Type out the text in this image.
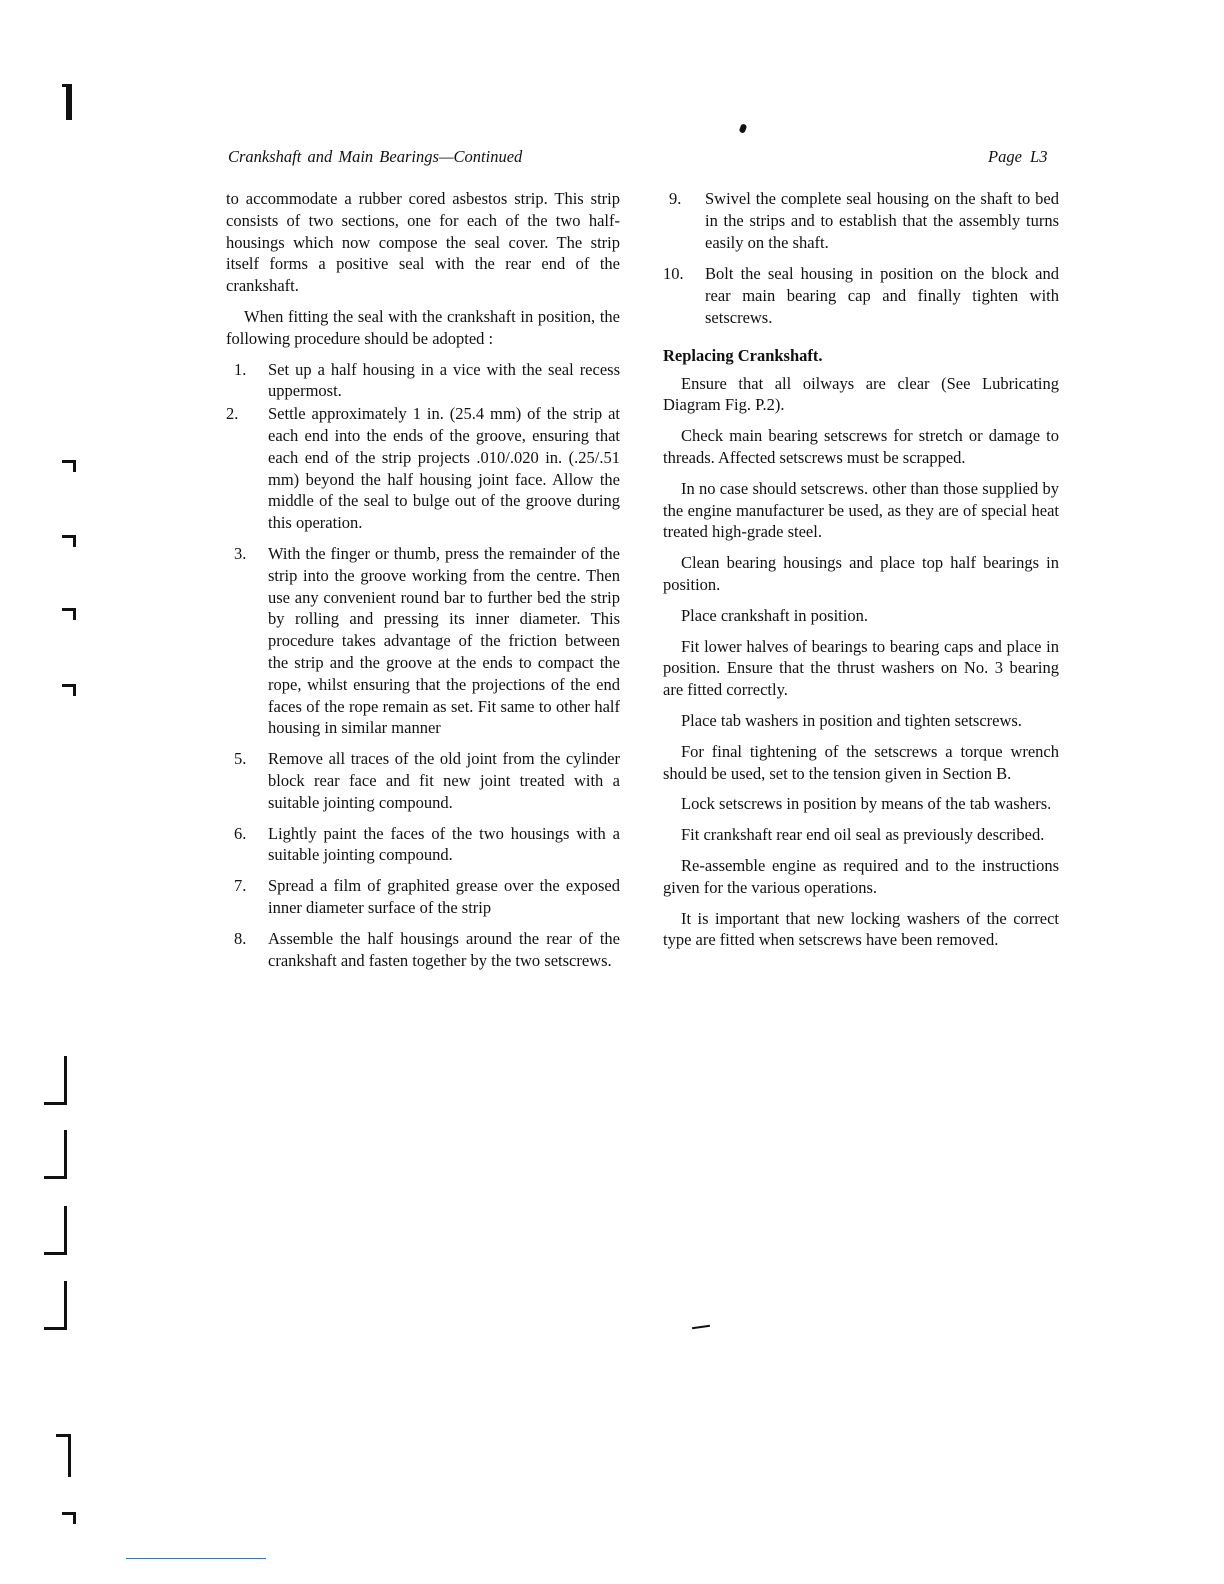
Crankshaft and Main Bearings—Continued	Page L3

to accommodate a rubber cored asbestos strip. This strip consists of two sections, one for each of the two half-housings which now compose the seal cover. The strip itself forms a positive seal with the rear end of the crankshaft.

When fitting the seal with the crankshaft in position, the following procedure should be adopted :

1.	Set up a half housing in a vice with the seal recess uppermost.
2.	Settle approximately 1 in. (25.4 mm) of the strip at each end into the ends of the groove, ensuring that each end of the strip projects .010/.020 in. (.25/.51 mm) beyond the half housing joint face. Allow the middle of the seal to bulge out of the groove during this operation.
3.	With the finger or thumb, press the remainder of the strip into the groove working from the centre. Then use any convenient round bar to further bed the strip by rolling and pressing its inner diameter. This procedure takes advantage of the friction between the strip and the groove at the ends to compact the rope, whilst ensuring that the projections of the end faces of the rope remain as set. Fit same to other half housing in similar manner
5.	Remove all traces of the old joint from the cylinder block rear face and fit new joint treated with a suitable jointing compound.
6.	Lightly paint the faces of the two housings with a suitable jointing compound.
7.	Spread a film of graphited grease over the exposed inner diameter surface of the strip
8.	Assemble the half housings around the rear of the crankshaft and fasten together by the two setscrews.
9.	Swivel the complete seal housing on the shaft to bed in the strips and to establish that the assembly turns easily on the shaft.
10.	Bolt the seal housing in position on the block and rear main bearing cap and finally tighten with setscrews.
Replacing Crankshaft.

Ensure that all oilways are clear (See Lubricating Diagram Fig. P.2).

Check main bearing setscrews for stretch or damage to threads. Affected setscrews must be scrapped.

In no case should setscrews. other than those supplied by the engine manufacturer be used, as they are of special heat treated high-grade steel.

Clean bearing housings and place top half bearings in position.

Place crankshaft in position.

Fit lower halves of bearings to bearing caps and place in position. Ensure that the thrust washers on No. 3 bearing are fitted correctly.

Place tab washers in position and tighten setscrews.

For final tightening of the setscrews a torque wrench should be used, set to the tension given in Section B.

Lock setscrews in position by means of the tab washers.

Fit crankshaft rear end oil seal as previously described.

Re-assemble engine as required and to the instructions given for the various operations.

It is important that new locking washers of the correct type are fitted when setscrews have been removed.
